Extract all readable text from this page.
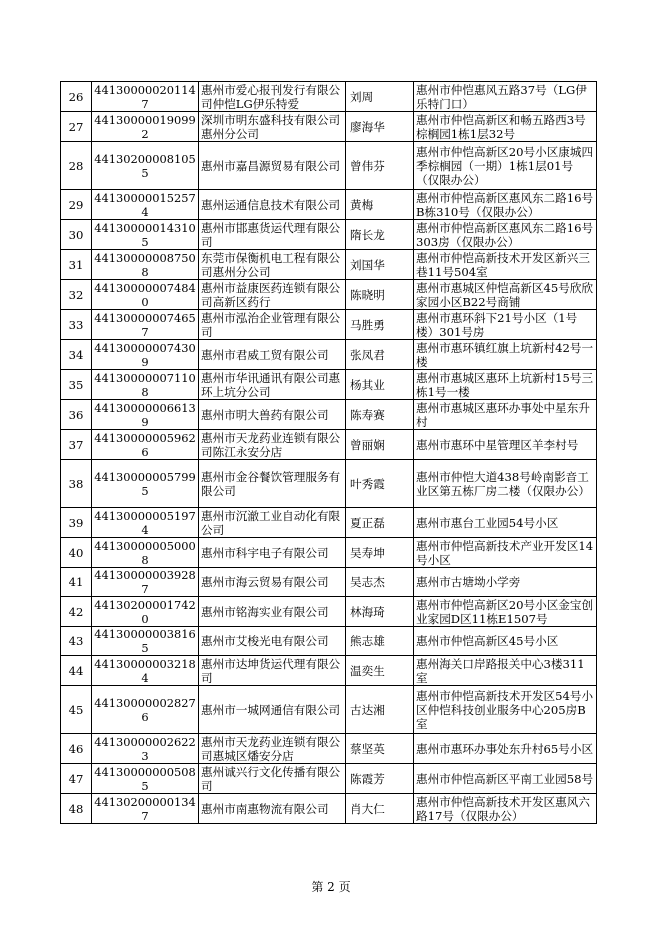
26	441300000201147	惠州市爱心报刊发行有限公司仲恺LG伊乐特爱	刘周	惠州市仲恺惠风五路37号（LG伊乐特门口）
27	441300000190992	深圳市明东盛科技有限公司惠州分公司	廖海华	惠州市仲恺高新区和畅五路西3号棕榈园1栋1层32号
28	441302000081055	惠州市嘉昌源贸易有限公司	曾伟芬	惠州市仲恺高新区20号小区康城四季棕榈园（一期）1栋1层01号（仅限办公）
29	441300000152574	惠州运通信息技术有限公司	黄梅	惠州市仲恺高新区惠风东二路16号B栋310号（仅限办公）
30	441300000143105	惠州市邯惠货运代理有限公司	隋长龙	惠州市仲恺高新区惠风东二路16号303房（仅限办公）
31	441300000087508	东莞市保衡机电工程有限公司惠州分公司	刘国华	惠州市仲恺高新技术开发区新兴三巷11号504室
32	441300000074840	惠州市益康医药连锁有限公司高新区药行	陈晓明	惠州市惠城区仲恺高新区45号欣欣家园小区B22号商铺
33	441300000074657	惠州市泓治企业管理有限公司	马胜勇	惠州市惠环斜下21号小区（1号楼）301号房
34	441300000074309	惠州市君威工贸有限公司	张凤君	惠州市惠环镇红旗上坑新村42号一楼
35	441300000071108	惠州市华讯通讯有限公司惠环上坑分公司	杨其业	惠州市惠城区惠环上坑新村15号三栋1号一楼
36	441300000066139	惠州市明大兽药有限公司	陈寿赛	惠州市惠城区惠环办事处中星东升村
37	441300000059626	惠州市天龙药业连锁有限公司陈江永安分店	曾丽娴	惠州市惠环中星管理区羊李村号
38	441300000057995	惠州市金谷餐饮管理服务有限公司	叶秀霞	惠州市仲恺大道438号岭南影音工业区第五栋厂房二楼（仅限办公）
39	441300000051974	惠州市沉澈工业自动化有限公司	夏正磊	惠州市惠台工业园54号小区
40	441300000050008	惠州市科宇电子有限公司	吴寿坤	惠州市仲恺高新技术产业开发区14号小区
41	441300000039287	惠州市海云贸易有限公司	吴志杰	惠州市古塘坳小学旁
42	441302000017420	惠州市铭海实业有限公司	林海琦	惠州市仲恺高新区20号小区金宝创业家园D区11栋E1507号
43	441300000038165	惠州市艾梭光电有限公司	熊志雄	惠州市仲恺高新区45号小区
44	441300000032184	惠州市达坤货运代理有限公司	温奕生	惠州海关口岸路报关中心3楼311室
45	441300000028276	惠州市一城网通信有限公司	古达湘	惠州市仲恺高新技术开发区54号小区仲恺科技创业服务中心205房B室
46	441300000026223	惠州市天龙药业连锁有限公司惠城区燔安分店	蔡坚英	惠州市惠环办事处东升村65号小区
47	441300000005085	惠州诚兴行文化传播有限公司	陈霞芳	惠州市仲恺高新区平南工业园58号
48	441302000001347	惠州市南惠物流有限公司	肖大仁	惠州市仲恺高新技术开发区惠风六路17号（仅限办公）
第 2 页
